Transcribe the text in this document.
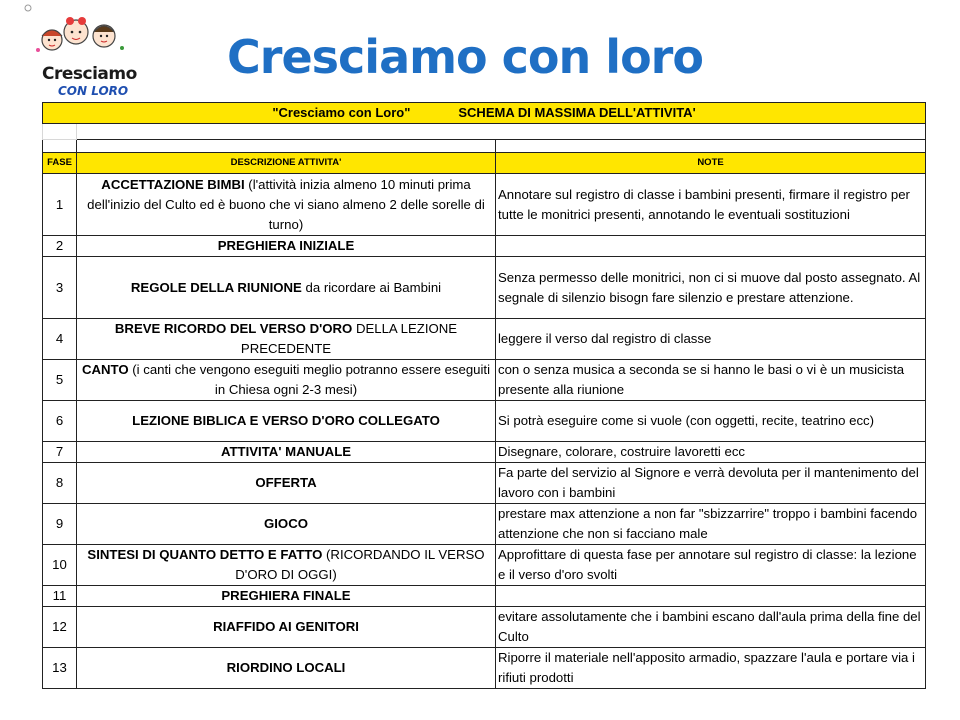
Cresciamo
CON LORO
Cresciamo con loro
"Cresciamo con Loro" SCHEMA DI MASSIMA DELL'ATTIVITA'		

FASE	DESCRIZIONE ATTIVITA'	NOTE
1	ACCETTAZIONE BIMBI (l'attività inizia almeno 10 minuti prima dell'inizio del Culto ed è buono che vi siano almeno 2 delle sorelle di turno)	Annotare sul registro di classe i bambini presenti, firmare il registro per tutte le monitrici presenti, annotando le eventuali sostituzioni
2	PREGHIERA INIZIALE	
3	REGOLE DELLA RIUNIONE da ricordare ai Bambini	Senza permesso delle monitrici, non ci si muove dal posto assegnato. Al segnale di silenzio bisogn fare silenzio e prestare attenzione.
4	BREVE RICORDO DEL VERSO D'ORO DELLA LEZIONE PRECEDENTE	leggere il verso dal registro di classe
5	CANTO (i canti che vengono eseguiti meglio potranno essere eseguiti in Chiesa ogni 2-3 mesi)	con o senza musica a seconda se si hanno le basi o vi è un musicista presente alla riunione
6	LEZIONE BIBLICA E VERSO D'ORO COLLEGATO	Si potrà eseguire come si vuole (con oggetti, recite, teatrino ecc)
7	ATTIVITA' MANUALE	Disegnare, colorare, costruire lavoretti ecc
8	OFFERTA	Fa parte del servizio al Signore e verrà devoluta per il mantenimento del lavoro con i bambini
9	GIOCO	prestare max attenzione a non far "sbizzarrire" troppo i bambini facendo attenzione che non si facciano male
10	SINTESI DI QUANTO DETTO E FATTO (RICORDANDO IL VERSO D'ORO DI OGGI)	Approfittare di questa fase per annotare sul registro di classe: la lezione e il verso d'oro svolti
11	PREGHIERA FINALE	
12	RIAFFIDO AI GENITORI	evitare assolutamente che i bambini escano dall'aula prima della fine del Culto
13	RIORDINO LOCALI	Riporre il materiale nell'apposito armadio, spazzare l'aula e portare via i rifiuti prodotti
